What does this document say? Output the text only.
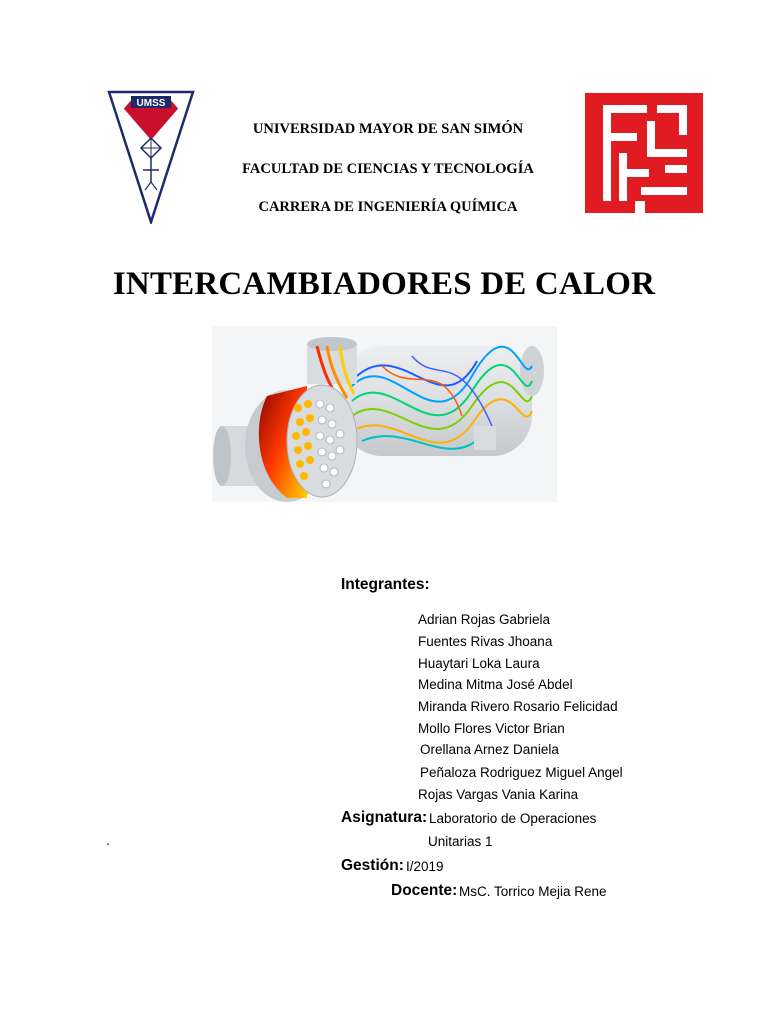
UMSS
UNIVERSIDAD MAYOR DE SAN SIMÓN
FACULTAD DE CIENCIAS Y TECNOLOGÍA
CARRERA DE INGENIERÍA QUÍMICA
INTERCAMBIADORES DE CALOR
Integrantes:
Adrian Rojas Gabriela
Fuentes Rivas Jhoana
Huaytari Loka Laura
Medina Mitma José Abdel
Miranda Rivero Rosario Felicidad
Mollo Flores Victor Brian
Orellana Arnez Daniela
Peñaloza Rodriguez Miguel Angel
Rojas Vargas Vania Karina
Asignatura: Laboratorio de Operaciones
.	Unitarias 1
Gestión: I/2019
Docente: MsC. Torrico Mejia Rene
